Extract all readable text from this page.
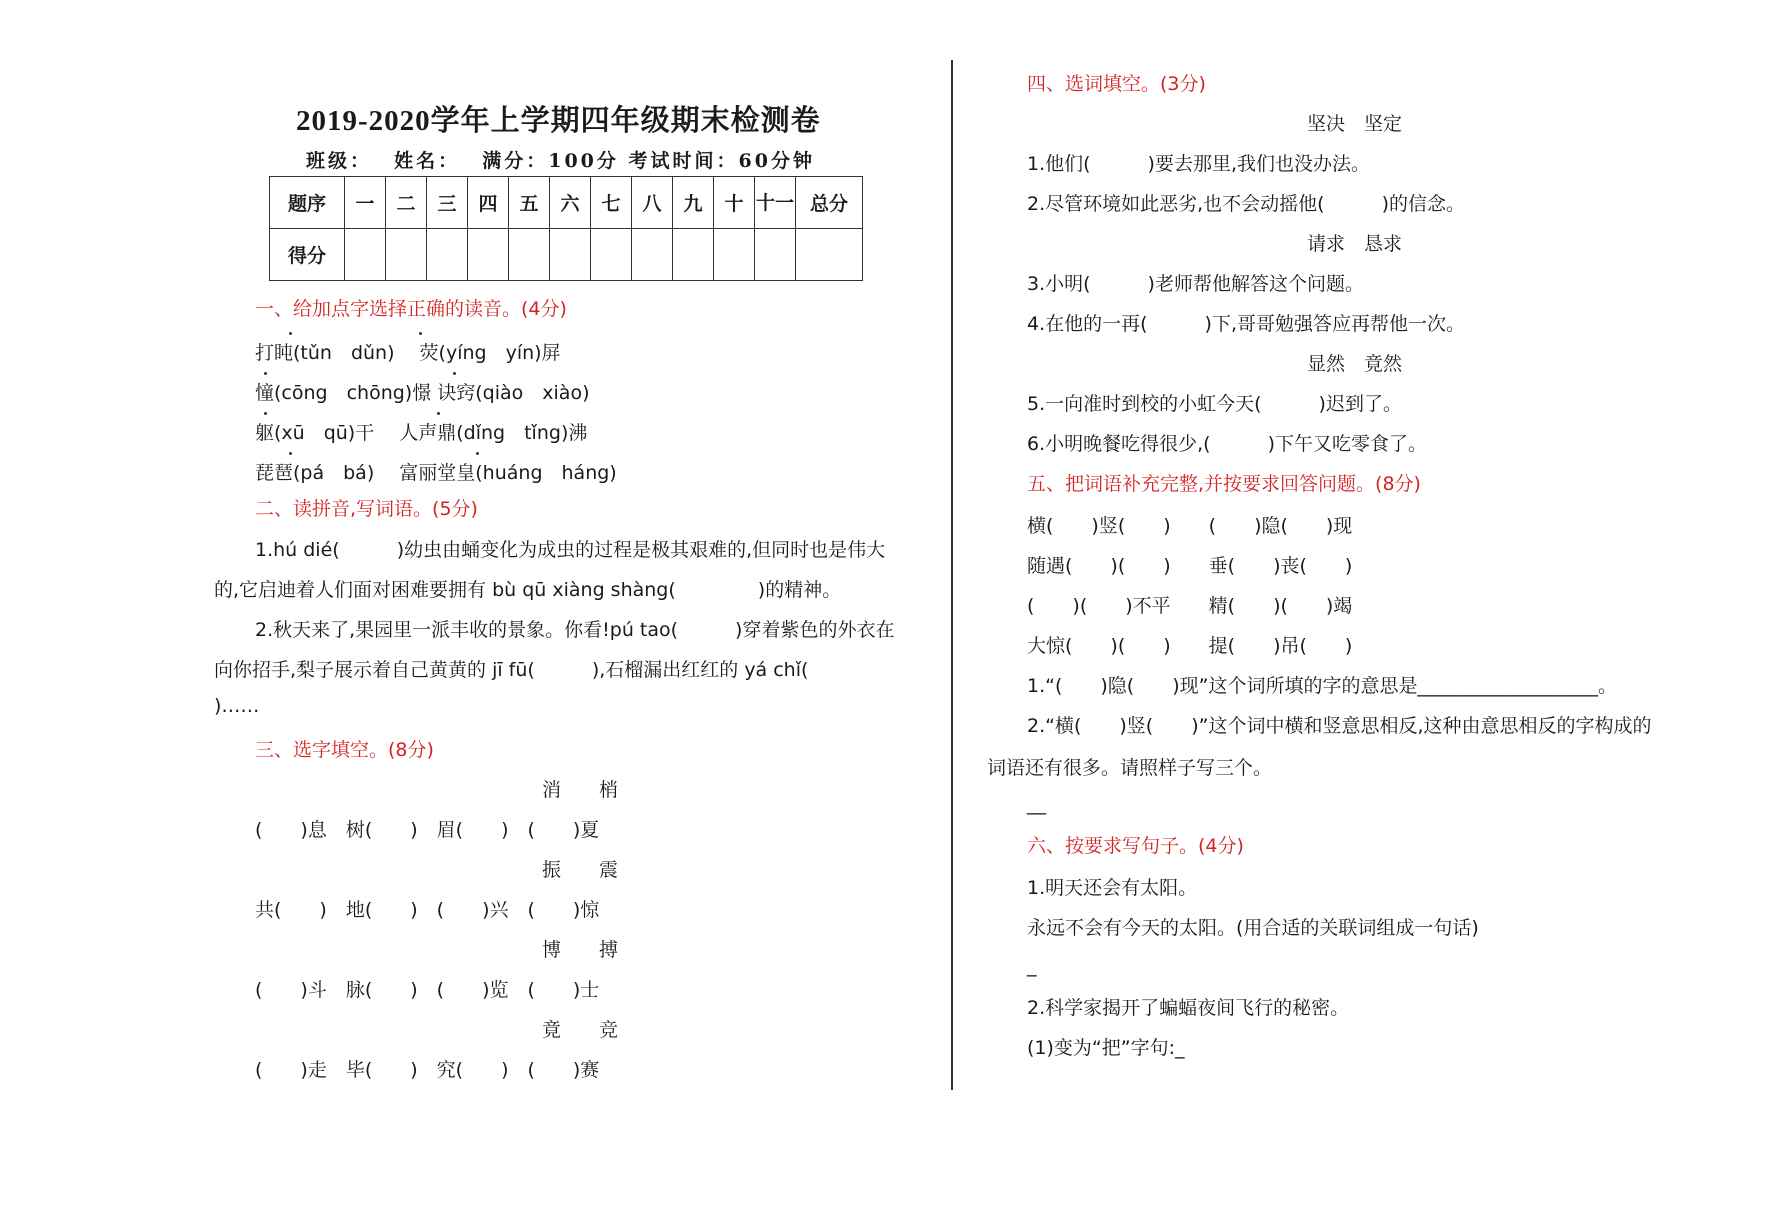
2019-2020学年上学期四年级期末检测卷
班级：　 姓名：　 满分：100分 考试时间：60分钟
题序	一	二	三	四	五	六	七	八	九	十	十一	总分
得分												
一、给加点字选择正确的读音。(4分)
打盹(tǔn　dǔn)　 荧(yíng　yín)屏
憧(cōng　chōng)憬 诀窍(qiào　xiào)
躯(xū　qū)干　 人声鼎(dǐng　tǐng)沸
琵琶(pá　bá)　 富丽堂皇(huáng　háng)
二、读拼音,写词语。(5分)
1.hú dié(　　　)幼虫由蛹变化为成虫的过程是极其艰难的,但同时也是伟大
的,它启迪着人们面对困难要拥有 bù qū xiàng shàng(　　　　 )的精神。
2.秋天来了,果园里一派丰收的景象。你看!pú tao(　　　)穿着紫色的外衣在
向你招手,梨子展示着自己黄黄的 jī fū(　　　),石榴漏出红红的 yá chǐ(
)……
三、选字填空。(8分)
消　　梢
(　　)息　树(　　)　眉(　　)　(　　)夏
振　　震
共(　　)　地(　　)　(　　)兴　(　　)惊
博　　搏
(　　)斗　脉(　　)　(　　)览　(　　)士
竟　　竞
(　　)走　毕(　　)　究(　　)　(　　)赛
四、选词填空。(3分)
坚决　坚定
1.他们(　　　)要去那里,我们也没办法。
2.尽管环境如此恶劣,也不会动摇他(　　　)的信念。
请求　恳求
3.小明(　　　)老师帮他解答这个问题。
4.在他的一再(　　　)下,哥哥勉强答应再帮他一次。
显然　竟然
5.一向准时到校的小虹今天(　　　)迟到了。
6.小明晚餐吃得很少,(　　　)下午又吃零食了。
五、把词语补充完整,并按要求回答问题。(8分)
横(　　)竖(　　)　　(　　)隐(　　)现
随遇(　　)(　　)　　垂(　　)丧(　　)
(　　)(　　)不平　　精(　　)(　　)竭
大惊(　　)(　　)　　提(　　)吊(　　)
1.“(　　)隐(　　)现”这个词所填的字的意思是___________________。
2.“横(　　)竖(　　)”这个词中横和竖意思相反,这种由意思相反的字构成的
词语还有很多。请照样子写三个。
__
六、按要求写句子。(4分)
1.明天还会有太阳。
永远不会有今天的太阳。(用合适的关联词组成一句话)
_
2.科学家揭开了蝙蝠夜间飞行的秘密。
(1)变为“把”字句:_
